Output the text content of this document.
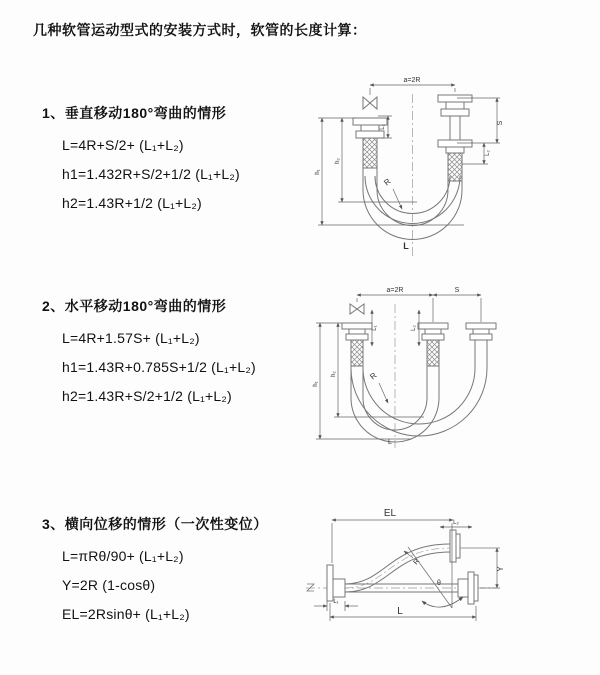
几种软管运动型式的安装方式时，软管的长度计算：
1、垂直移动180°弯曲的情形
L=4R+S/2+ (L₁+L₂)
h1=1.432R+S/2+1/2 (L₁+L₂)
h2=1.43R+1/2 (L₁+L₂)
2、水平移动180°弯曲的情形
L=4R+1.57S+ (L₁+L₂)
h1=1.43R+0.785S+1/2 (L₁+L₂)
h2=1.43R+S/2+1/2 (L₁+L₂)
3、横向位移的情形（一次性变位）
L=πRθ/90+ (L₁+L₂)
Y=2R (1-cosθ)
EL=2Rsinθ+ (L₁+L₂)
a=2R
S
L₁
L₂
h₁
h₂
R
L
a=2R	S
h₁
h₂
L₁	L₂
R
L
EL
L₂
Y
R
θ
L
L₁
